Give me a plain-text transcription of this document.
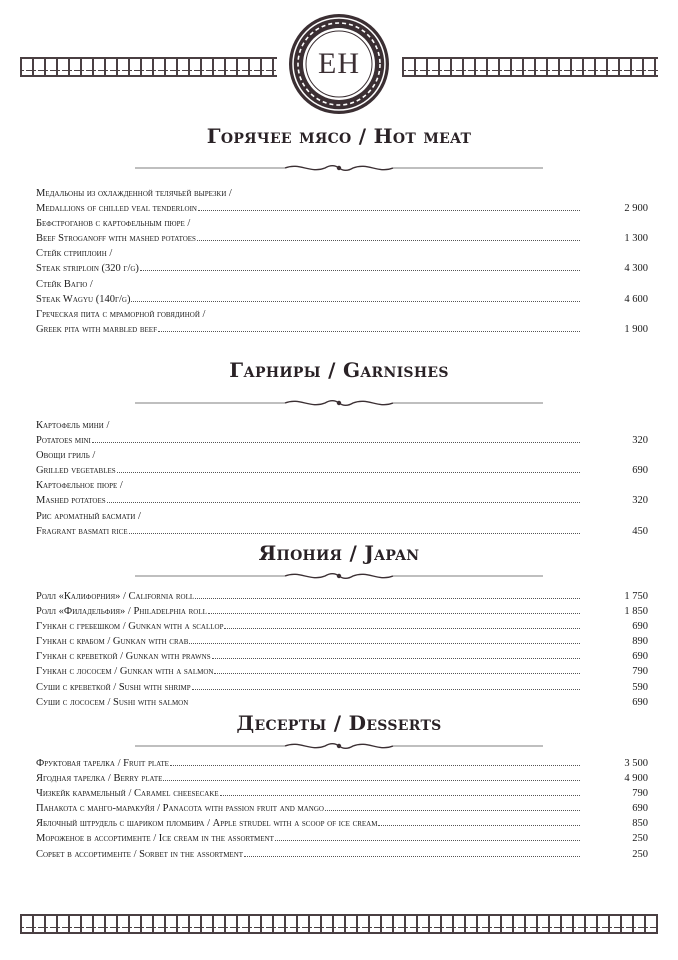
EH
Горячее мясо / Hot meat
Медальоны из охлажденной телячьей вырезки /
Medallions of chilled veal tenderloin	2 900
Бефстроганов с картофельным пюре /
Beef Stroganoff with mashed potatoes	1 300
Стейк стриплоин /
Steak striploin (320 г/g)	4 300
Стейк Вагю /
Steak Wagyu (140г/g)	4 600
Греческая пита с мраморной говядиной /
Greek pita with marbled beef	1 900
Гарниры / Garnishes
Картофель мини /
Potatoes mini	320
Овощи гриль /
Grilled vegetables	690
Картофельное пюре /
Mashed potatoes	320
Рис ароматный басмати /
Fragrant basmati rice	450
Япония / Japan
Ролл «Калифорния» / California roll	1 750
Ролл «Филадельфия» / Philadelphia roll	1 850
Гункан с гребешком / Gunkan with a scallop	690
Гункан с крабом / Gunkan with crab	890
Гункан с креветкой / Gunkan with prawns	690
Гункан с лососем / Gunkan with a salmon	790
Суши с креветкой / Sushi with shrimp	590
Суши с лососем / Sushi with salmon	690
Десерты / Desserts
Фруктовая тарелка / Fruit plate	3 500
Ягодная тарелка / Berry plate	4 900
Чизкейк карамельный / Caramel cheesecake	790
Панакота с манго-маракуйя / Panacota with passion fruit and mango	690
Яблочный штрудель с шариком пломбира / Apple strudel with a scoop of ice cream	850
Мороженое в ассортименте / Ice cream in the assortment	250
Сорбет в ассортименте / Sorbet in the assortment	250
